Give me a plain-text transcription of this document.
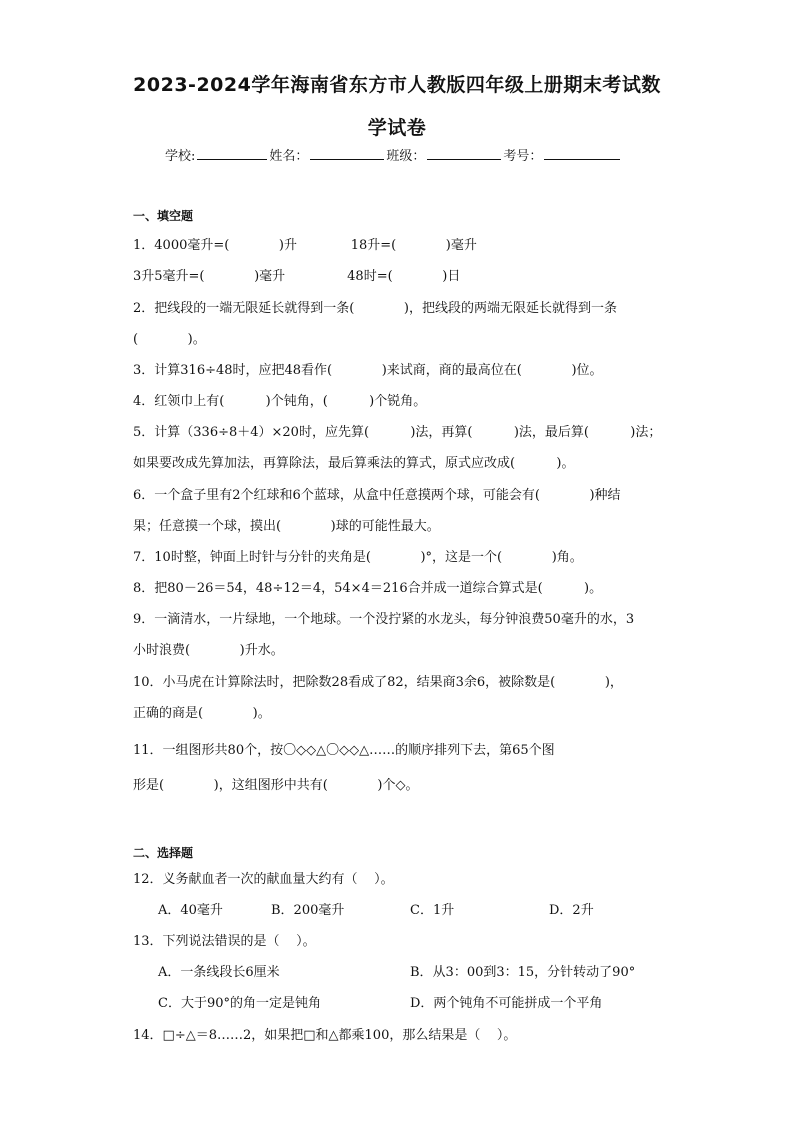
2023-2024学年海南省东方市人教版四年级上册期末考试数
学试卷
学校:	姓名：	班级：	考号：
一、填空题
1．4000毫升=(            )升             18升=(            )毫升
3升5毫升=(            )毫升               48时=(            )日
2．把线段的一端无限延长就得到一条(            )，把线段的两端无限延长就得到一条
(            )。
3．计算316÷48时，应把48看作(            )来试商，商的最高位在(            )位。
4．红领巾上有(          )个钝角，(          )个锐角。
5．计算（336÷8＋4）×20时，应先算(          )法，再算(          )法，最后算(          )法；
如果要改成先算加法，再算除法，最后算乘法的算式，原式应改成(          )。
6．一个盒子里有2个红球和6个蓝球，从盒中任意摸两个球，可能会有(            )种结
果；任意摸一个球，摸出(            )球的可能性最大。
7．10时整，钟面上时针与分针的夹角是(            )°，这是一个(            )角。
8．把80－26＝54，48÷12＝4，54×4＝216合并成一道综合算式是(          )。
9．一滴清水，一片绿地，一个地球。一个没拧紧的水龙头，每分钟浪费50毫升的水，3
小时浪费(            )升水。
10．小马虎在计算除法时，把除数28看成了82，结果商3余6，被除数是(            )，
正确的商是(            )。
11．一组图形共80个，按〇◇◇△〇◇◇△……的顺序排列下去，第65个图
形是(            )，这组图形中共有(            )个◇。
二、选择题
12．义务献血者一次的献血量大约有（    ）。
A．40毫升	B．200毫升	C．1升	D．2升
13．下列说法错误的是（    ）。
A．一条线段长6厘米	B．从3：00到3：15，分针转动了90°
C．大于90°的角一定是钝角	D．两个钝角不可能拼成一个平角
14．□÷△＝8……2，如果把□和△都乘100，那么结果是（    ）。
